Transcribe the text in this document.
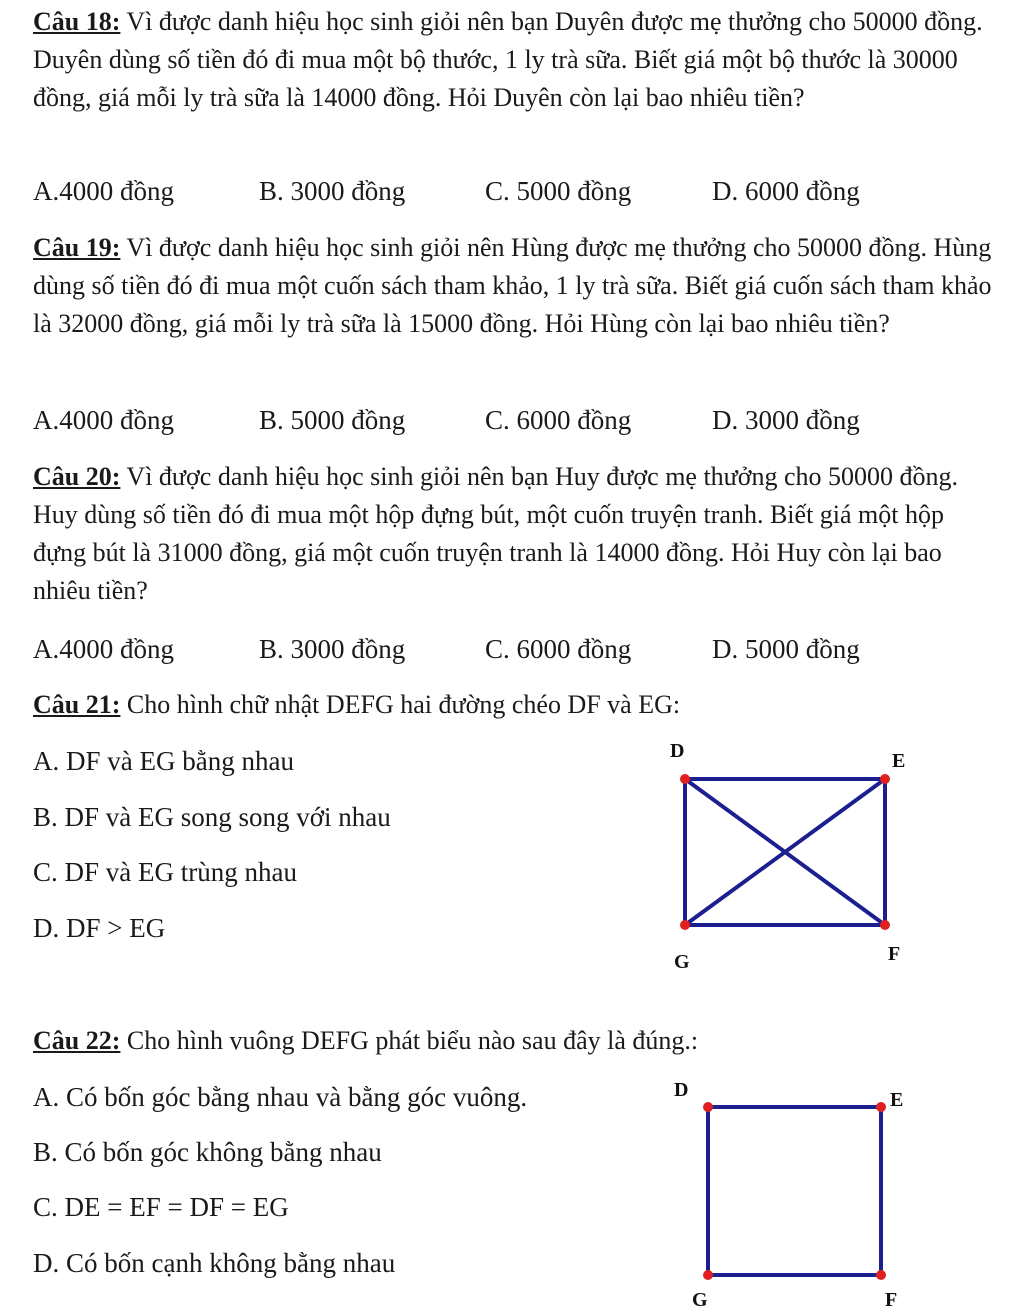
Câu 18: Vì được danh hiệu học sinh giỏi nên bạn Duyên được mẹ thưởng cho 50000 đồng. Duyên dùng số tiền đó đi mua một bộ thước, 1 ly trà sữa. Biết giá một bộ thước là 30000 đồng, giá mỗi ly trà sữa là 14000 đồng. Hỏi Duyên còn lại bao nhiêu tiền?
A.4000 đồng	B. 3000 đồng	C. 5000 đồng	D. 6000 đồng
Câu 19: Vì được danh hiệu học sinh giỏi nên Hùng được mẹ thưởng cho 50000 đồng. Hùng dùng số tiền đó đi mua một cuốn sách tham khảo, 1 ly trà sữa. Biết giá cuốn sách tham khảo là 32000 đồng, giá mỗi ly trà sữa là 15000 đồng. Hỏi Hùng còn lại bao nhiêu tiền?
A.4000 đồng	B. 5000 đồng	C. 6000 đồng	D. 3000 đồng
Câu 20: Vì được danh hiệu học sinh giỏi nên bạn Huy được mẹ thưởng cho 50000 đồng. Huy dùng số tiền đó đi mua một hộp đựng bút, một cuốn truyện tranh. Biết giá một hộp đựng bút là 31000 đồng, giá một cuốn truyện tranh là 14000 đồng. Hỏi Huy còn lại bao nhiêu tiền?
A.4000 đồng	B. 3000 đồng	C. 6000 đồng	D. 5000 đồng
Câu 21: Cho hình chữ nhật DEFG hai đường chéo DF và EG:
A. DF và EG bằng nhau
B. DF và EG song song với nhau
C. DF và EG trùng nhau
D. DF > EG
D	E
F
G
Câu 22: Cho hình vuông DEFG phát biểu nào sau đây là đúng.:
A. Có bốn góc bằng nhau và bằng góc vuông.
B. Có bốn góc không bằng nhau
C. DE = EF = DF = EG
D. Có bốn cạnh không bằng nhau
D	E
F
G
